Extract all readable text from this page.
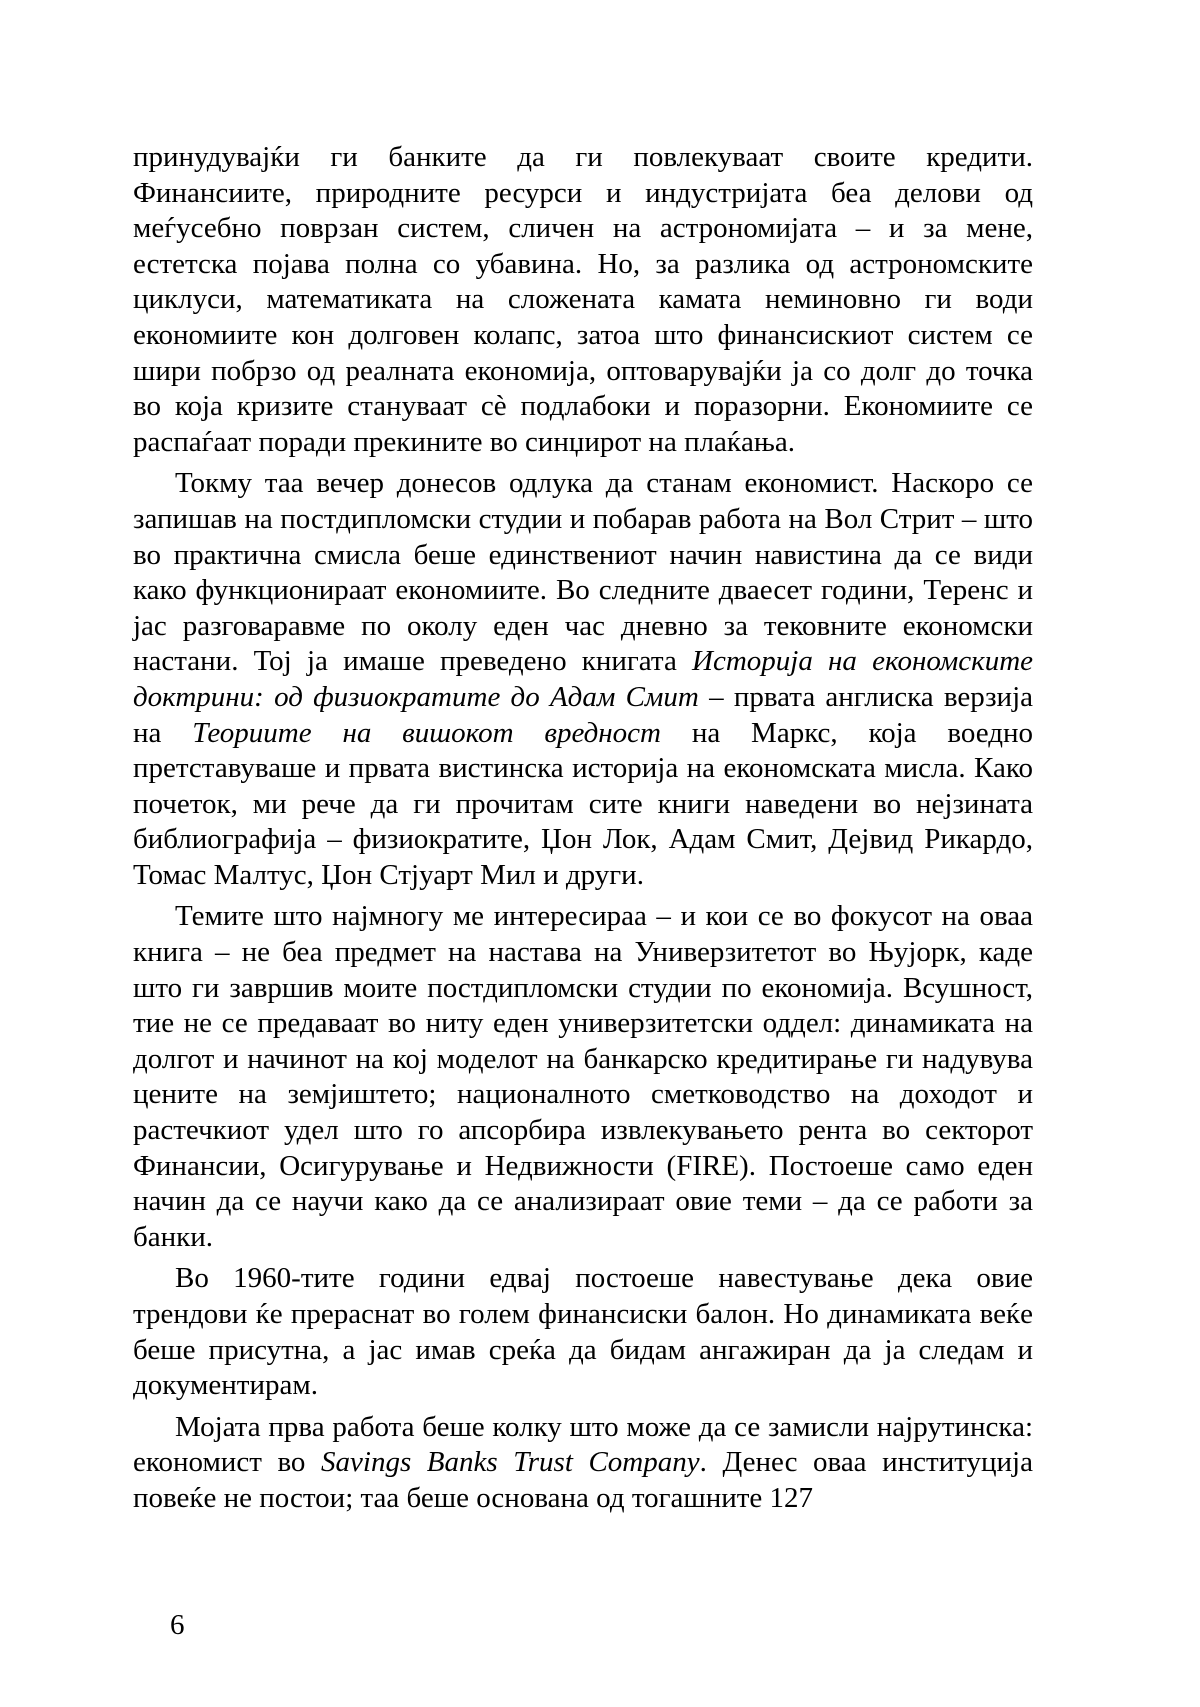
принудувајќи ги банките да ги повлекуваат своите кредити. Финансиите, природните ресурси и индустријата беа делови од меѓусебно поврзан систем, сличен на астрономијата – и за мене, естетска појава полна со убавина. Но, за разлика од астрономските циклуси, математиката на сложената камата неминовно ги води економиите кон долговен колапс, затоа што финансискиот систем се шири побрзо од реалната економија, оптоварувајќи ја со долг до точка во која кризите стануваат сè подлабоки и поразорни. Економиите се распаѓаат поради прекините во синџирот на плаќања.

Токму таа вечер донесов одлука да станам економист. Наскоро се запишав на постдипломски студии и побарав работа на Вол Стрит – што во практична смисла беше единствениот начин навистина да се види како функционираат економиите. Во следните дваесет години, Теренс и јас разговаравме по околу еден час дневно за тековните економски настани. Тој ја имаше преведено книгата Историја на економските доктрини: од физиократите до Адам Смит – првата англиска верзија на Теориите на вишокот вредност на Маркс, која воедно претставуваше и првата вистинска историја на економската мисла. Како почеток, ми рече да ги прочитам сите книги наведени во нејзината библиографија – физиократите, Џон Лок, Адам Смит, Дејвид Рикардо, Томас Малтус, Џон Стјуарт Мил и други.

Темите што најмногу ме интересираа – и кои се во фокусот на оваа книга – не беа предмет на настава на Универзитетот во Њујорк, каде што ги завршив моите постдипломски студии по економија. Всушност, тие не се предаваат во ниту еден универзитетски оддел: динамиката на долгот и начинот на кој моделот на банкарско кредитирање ги надувува цените на земјиштето; националното сметководство на доходот и растечкиот удел што го апсорбира извлекувањето рента во секторот Финансии, Осигурување и Недвижности (FIRE). Постоеше само еден начин да се научи како да се анализираат овие теми – да се работи за банки.

Во 1960-тите години едвај постоеше навестување дека овие трендови ќе прераснат во голем финансиски балон. Но динамиката веќе беше присутна, а јас имав среќа да бидам ангажиран да ја следам и документирам.

Мојата прва работа беше колку што може да се замисли најрутинска: економист во Savings Banks Trust Company. Денес оваа институција повеќе не постои; таа беше основана од тогашните 127

6
